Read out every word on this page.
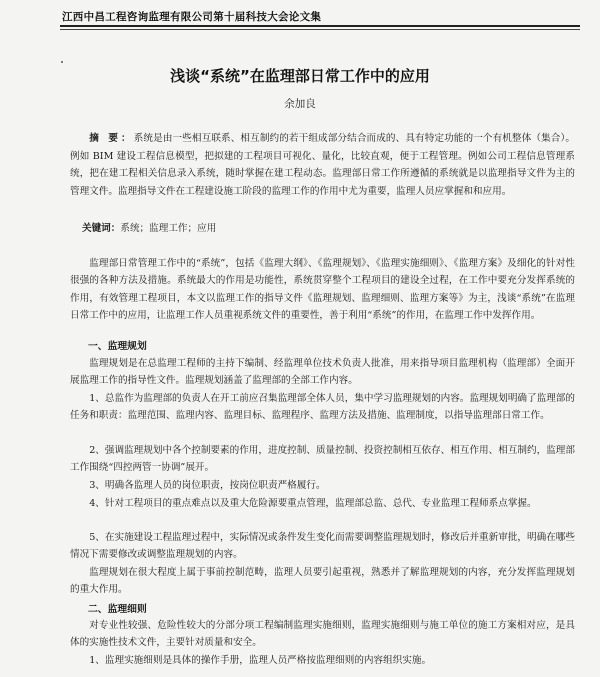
江西中昌工程咨询监理有限公司第十届科技大会论文集
浅谈“系统”在监理部日常工作中的应用
余加良

摘 要：系统是由一些相互联系、相互制约的若干组成部分结合而成的、具有特定功能的一个有机整体（集合）。例如 BIM 建设工程信息模型，把拟建的工程项目可视化、量化，比较直观，便于工程管理。例如公司工程信息管理系统，把在建工程相关信息录入系统，随时掌握在建工程动态。监理部日常工作所遵循的系统就是以监理指导文件为主的管理文件。监理指导文件在工程建设施工阶段的监理工作的作用中尤为重要，监理人员应掌握和和应用。

关键词：系统；监理工作；应用

监理部日常管理工作中的“系统”，包括《监理大纲》、《监理规划》、《监理实施细则》、《监理方案》及细化的针对性很强的各种方法及措施。系统最大的作用是功能性，系统贯穿整个工程项目的建设全过程，在工作中要充分发挥系统的作用，有效管理工程项目，本文以监理工作的指导文件《监理规划、监理细则、监理方案等》为主，浅谈“系统”在监理日常工作中的应用，让监理工作人员重视系统文件的重要性，善于利用“系统”的作用，在监理工作中发挥作用。

一、监理规划

监理规划是在总监理工程师的主持下编制、经监理单位技术负责人批准，用来指导项目监理机构（监理部）全面开展监理工作的指导性文件。监理规划涵盖了监理部的全部工作内容。

1、总监作为监理部的负责人在开工前应召集监理部全体人员，集中学习监理规划的内容。监理规划明确了监理部的任务和职责：监理范围、监理内容、监理目标、监理程序、监理方法及措施、监理制度，以指导监理部日常工作。

2、强调监理规划中各个控制要素的作用，进度控制、质量控制、投资控制相互依存、相互作用、相互制约，监理部工作围绕“四控两管一协调”展开。

3、明确各监理人员的岗位职责，按岗位职责严格履行。

4、针对工程项目的重点难点以及重大危险源要重点管理，监理部总监、总代、专业监理工程师系点掌握。

5、在实施建设工程监理过程中，实际情况或条件发生变化而需要调整监理规划时，修改后并重新审批，明确在哪些情况下需要修改或调整监理规划的内容。

监理规划在很大程度上属于事前控制范畴，监理人员要引起重视，熟悉并了解监理规划的内容，充分发挥监理规划的重大作用。

二、监理细则

对专业性较强、危险性较大的分部分项工程编制监理实施细则，监理实施细则与施工单位的施工方案相对应，是具体的实施性技术文件，主要针对质量和安全。

1、监理实施细则是具体的操作手册，监理人员严格按监理细则的内容组织实施。
